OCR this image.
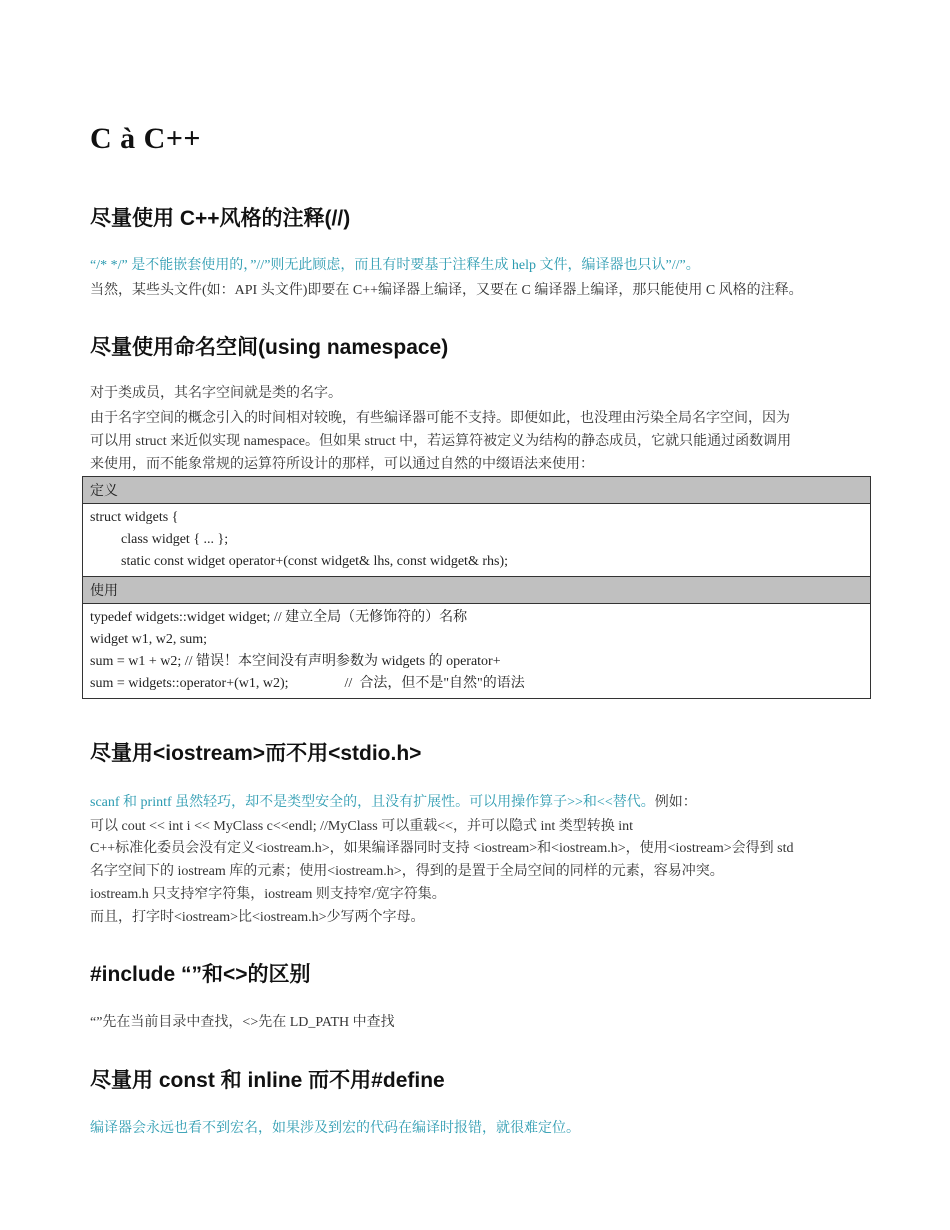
C à C++
尽量使用 C++风格的注释(//)
“/* */” 是不能嵌套使用的，”//”则无此顾虑，而且有时要基于注释生成 help 文件，编译器也只认”//”。
当然，某些头文件(如：API 头文件)即要在 C++编译器上编译，又要在 C 编译器上编译，那只能使用 C 风格的注释。
尽量使用命名空间(using namespace)
对于类成员，其名字空间就是类的名字。
由于名字空间的概念引入的时间相对较晚，有些编译器可能不支持。即便如此，也没理由污染全局名字空间，因为
可以用 struct 来近似实现 namespace。但如果 struct 中，若运算符被定义为结构的静态成员，它就只能通过函数调用
来使用，而不能象常规的运算符所设计的那样，可以通过自然的中缀语法来使用：
定义

struct widgets {
class widget { ... };
static const widget operator+(const widget& lhs, const widget& rhs);

使用

typedef widgets::widget widget; // 建立全局（无修饰符的）名称
widget w1, w2, sum;
sum = w1 + w2; // 错误！本空间没有声明参数为 widgets 的 operator+
sum = widgets::operator+(w1, w2);                //  合法，但不是"自然"的语法
尽量用<iostream>而不用<stdio.h>
scanf 和 printf 虽然轻巧，却不是类型安全的，且没有扩展性。可以用操作算子>>和<<替代。例如：
可以 cout << int i << MyClass c<<endl; //MyClass 可以重载<<，并可以隐式 int 类型转换 int
C++标准化委员会没有定义<iostream.h>，如果编译器同时支持 <iostream>和<iostream.h>，使用<iostream>会得到 std
名字空间下的 iostream 库的元素；使用<iostream.h>，得到的是置于全局空间的同样的元素，容易冲突。
iostream.h 只支持窄字符集，iostream 则支持窄/宽字符集。
而且，打字时<iostream>比<iostream.h>少写两个字母。
#include “”和<>的区别
“”先在当前目录中查找，<>先在 LD_PATH 中查找
尽量用 const 和 inline 而不用#define
编译器会永远也看不到宏名，如果涉及到宏的代码在编译时报错，就很难定位。
